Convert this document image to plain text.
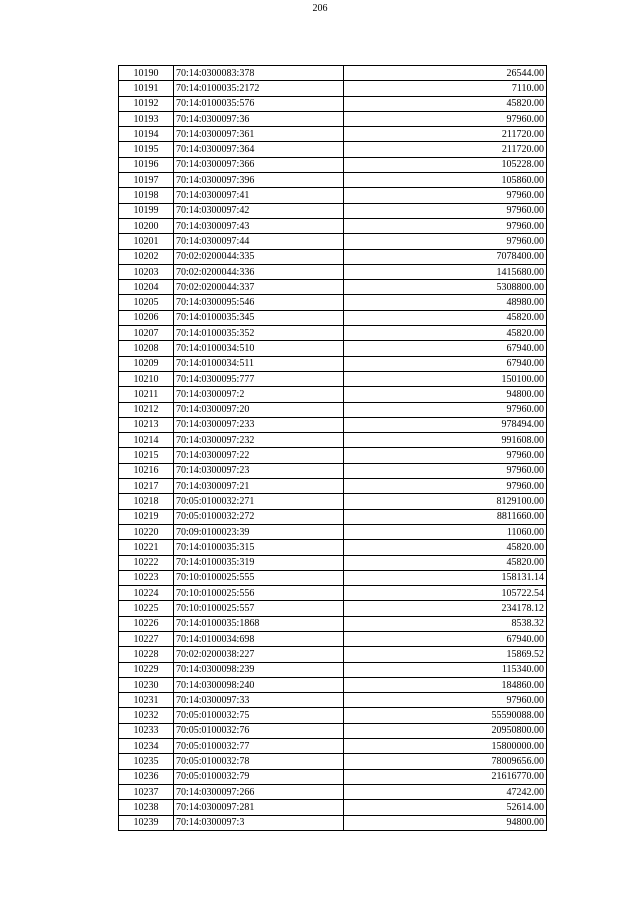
206
10190	70:14:0300083:378	26544.00
10191	70:14:0100035:2172	7110.00
10192	70:14:0100035:576	45820.00
10193	70:14:0300097:36	97960.00
10194	70:14:0300097:361	211720.00
10195	70:14:0300097:364	211720.00
10196	70:14:0300097:366	105228.00
10197	70:14:0300097:396	105860.00
10198	70:14:0300097:41	97960.00
10199	70:14:0300097:42	97960.00
10200	70:14:0300097:43	97960.00
10201	70:14:0300097:44	97960.00
10202	70:02:0200044:335	7078400.00
10203	70:02:0200044:336	1415680.00
10204	70:02:0200044:337	5308800.00
10205	70:14:0300095:546	48980.00
10206	70:14:0100035:345	45820.00
10207	70:14:0100035:352	45820.00
10208	70:14:0100034:510	67940.00
10209	70:14:0100034:511	67940.00
10210	70:14:0300095:777	150100.00
10211	70:14:0300097:2	94800.00
10212	70:14:0300097:20	97960.00
10213	70:14:0300097:233	978494.00
10214	70:14:0300097:232	991608.00
10215	70:14:0300097:22	97960.00
10216	70:14:0300097:23	97960.00
10217	70:14:0300097:21	97960.00
10218	70:05:0100032:271	8129100.00
10219	70:05:0100032:272	8811660.00
10220	70:09:0100023:39	11060.00
10221	70:14:0100035:315	45820.00
10222	70:14:0100035:319	45820.00
10223	70:10:0100025:555	158131.14
10224	70:10:0100025:556	105722.54
10225	70:10:0100025:557	234178.12
10226	70:14:0100035:1868	8538.32
10227	70:14:0100034:698	67940.00
10228	70:02:0200038:227	15869.52
10229	70:14:0300098:239	115340.00
10230	70:14:0300098:240	184860.00
10231	70:14:0300097:33	97960.00
10232	70:05:0100032:75	55590088.00
10233	70:05:0100032:76	20950800.00
10234	70:05:0100032:77	15800000.00
10235	70:05:0100032:78	78009656.00
10236	70:05:0100032:79	21616770.00
10237	70:14:0300097:266	47242.00
10238	70:14:0300097:281	52614.00
10239	70:14:0300097:3	94800.00
